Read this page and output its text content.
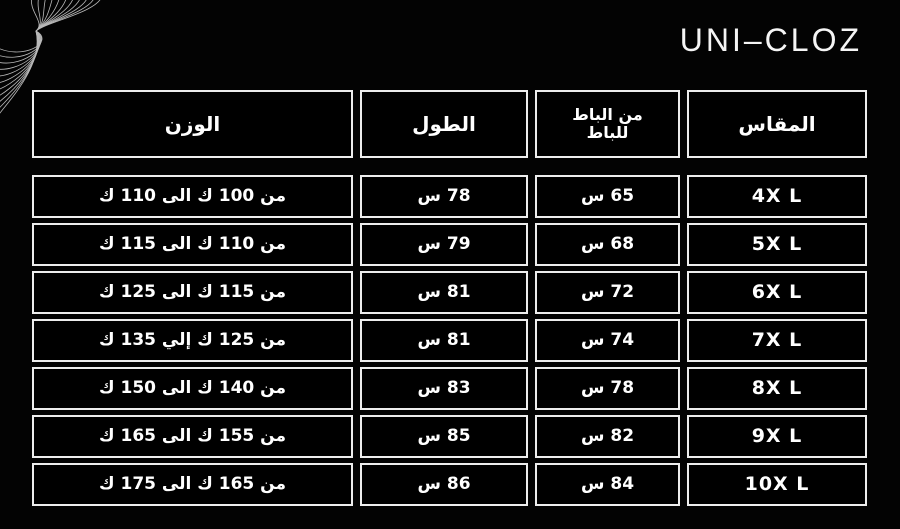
UNI–CLOZ
المقاس
من الباط
للباط
الطول
الوزن
4X L
65 س
78 س
من 100 ك الى 110 ك
5X L
68 س
79 س
من 110 ك الى 115 ك
6X L
72 س
81 س
من 115 ك الى 125 ك
7X L
74 س
81 س
من 125 ك إلي 135 ك
8X L
78 س
83 س
من 140 ك الى 150 ك
9X L
82 س
85 س
من 155 ك الى 165 ك
10X L
84 س
86 س
من 165 ك الى 175 ك
